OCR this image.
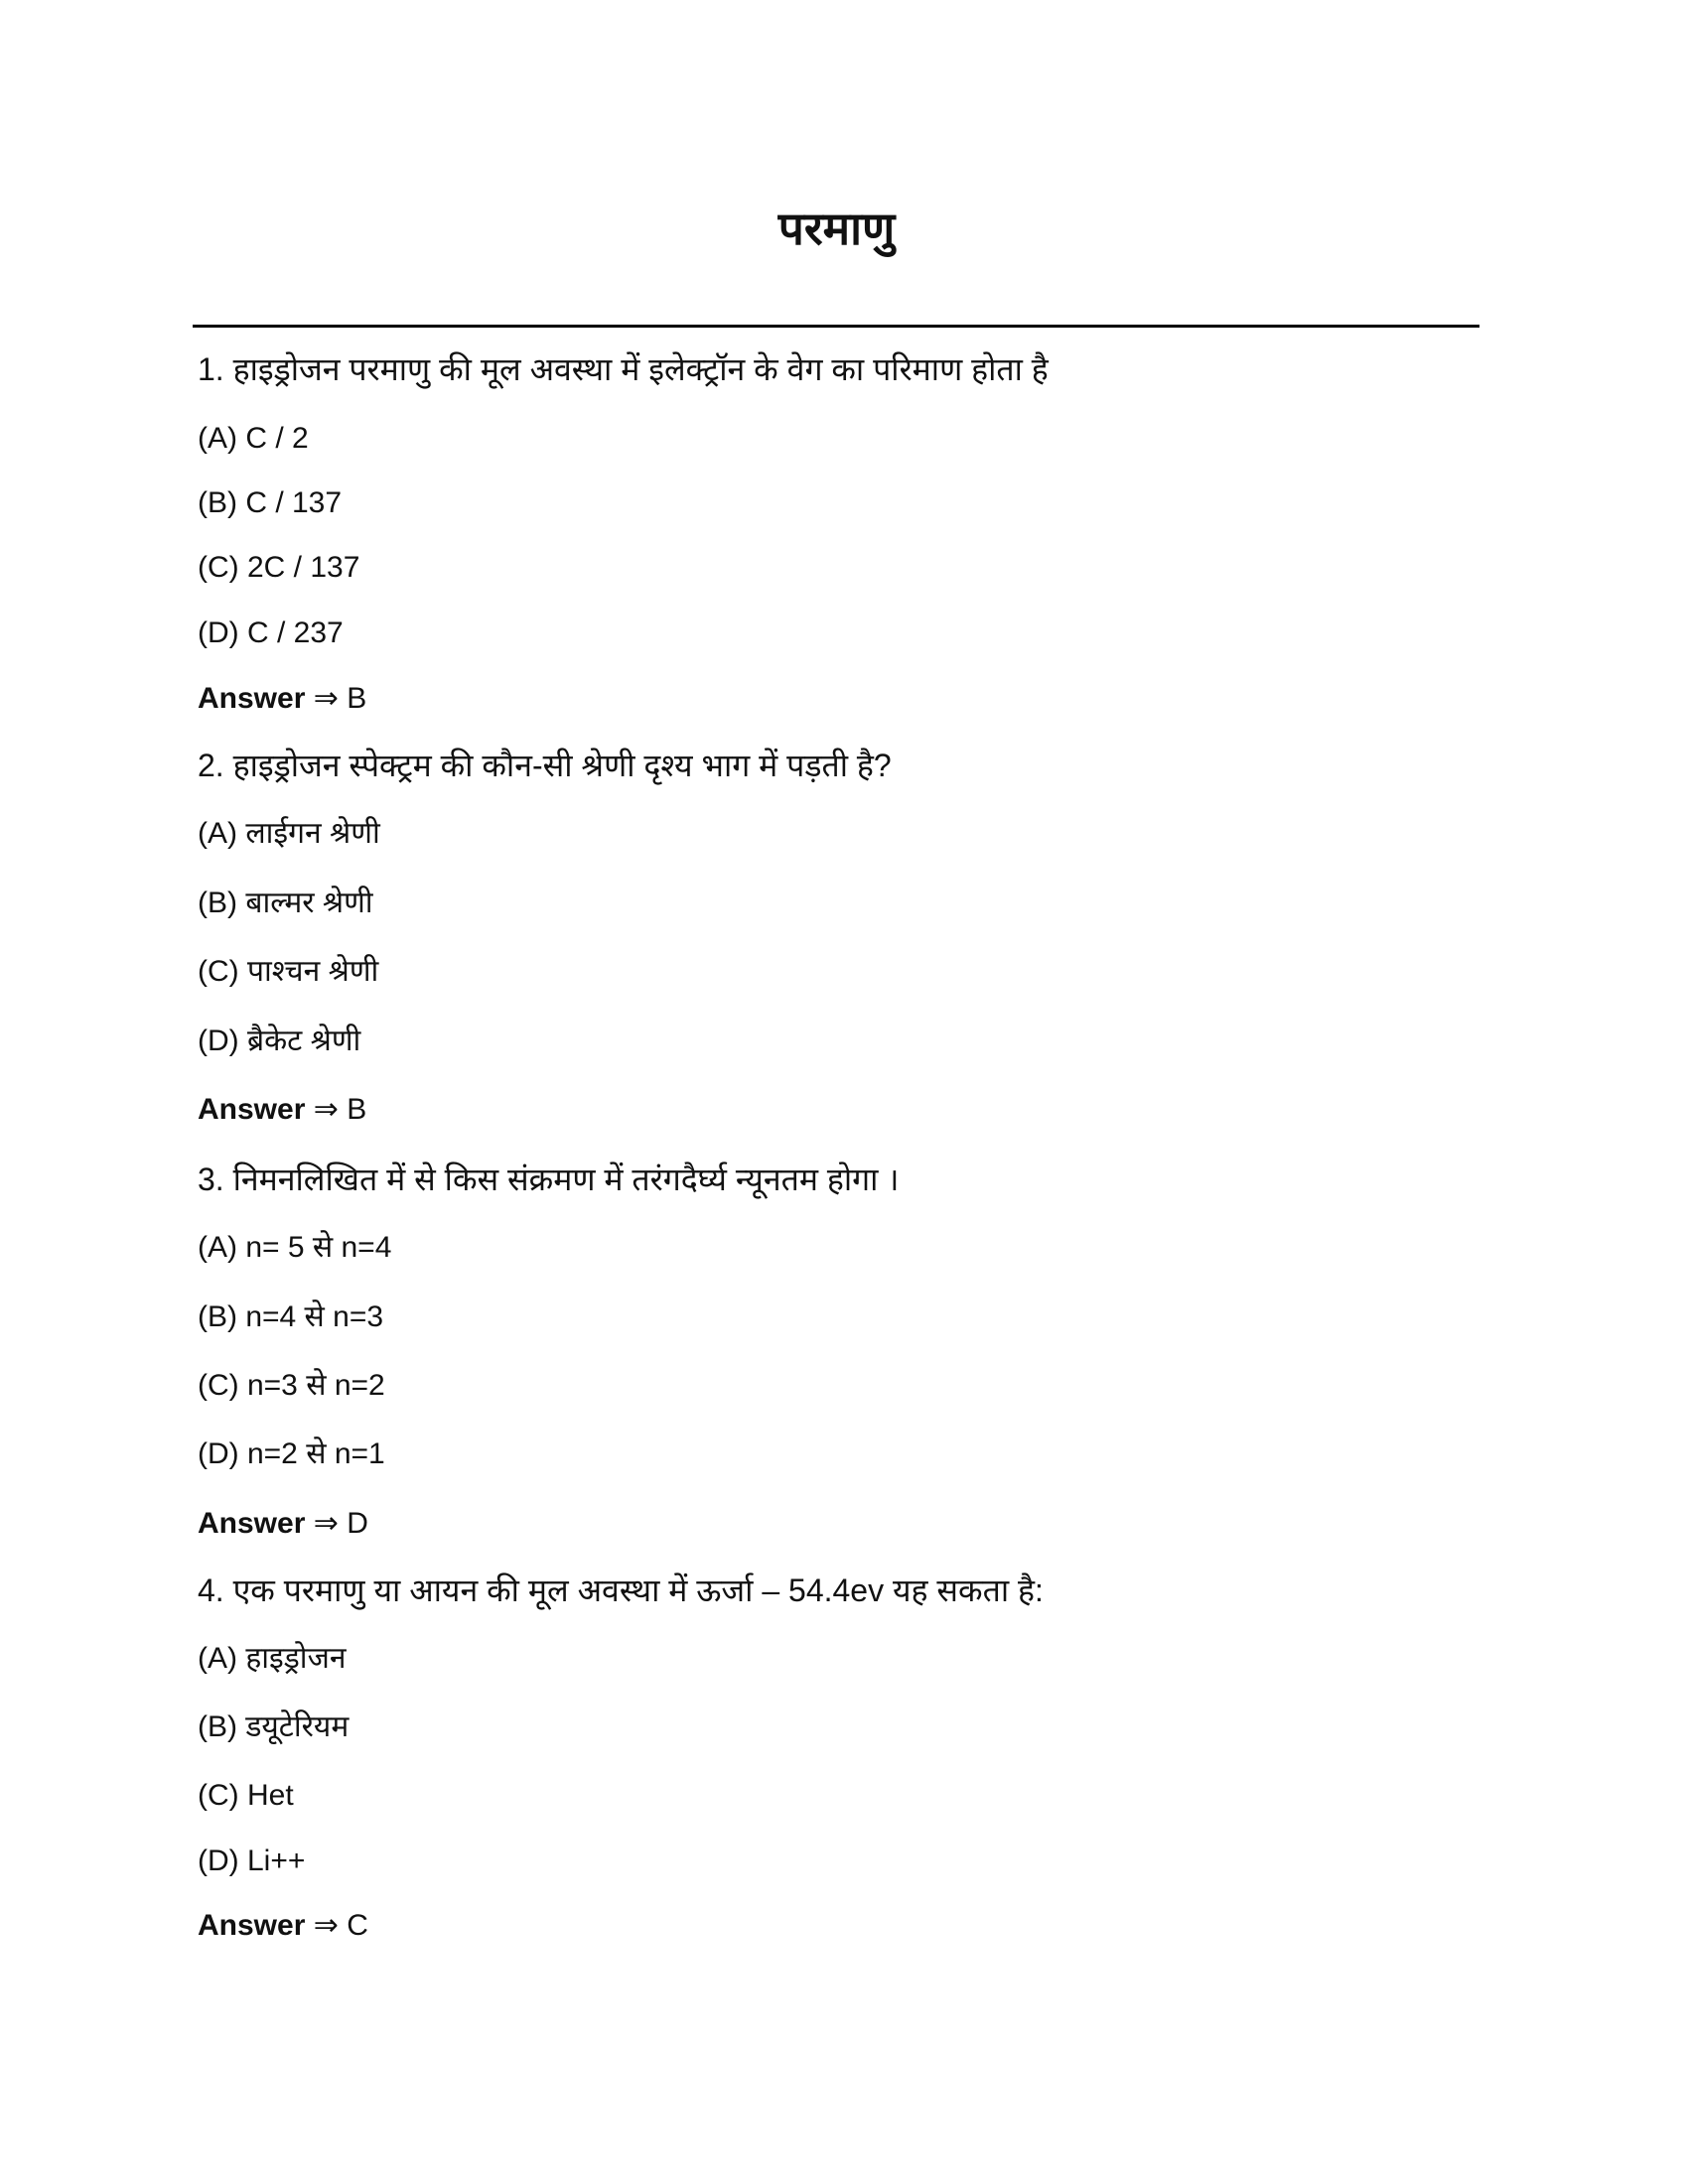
परमाणु
1. हाइड्रोजन परमाणु की मूल अवस्था में इलेक्ट्रॉन के वेग का परिमाण होता है
(A) C / 2
(B) C / 137
(C) 2C / 137
(D) C / 237
Answer ⇒ B
2. हाइड्रोजन स्पेक्ट्रम की कौन-सी श्रेणी दृश्य भाग में पड़ती है?
(A) लाईगन श्रेणी
(B) बाल्मर श्रेणी
(C) पाश्चन श्रेणी
(D) ब्रैकेट श्रेणी
Answer ⇒ B
3. निमनलिखित में से किस संक्रमण में तरंगदैर्घ्य न्यूनतम होगा ।
(A) n= 5 से n=4
(B) n=4 से n=3
(C) n=3 से n=2
(D) n=2 से n=1
Answer ⇒ D
4. एक परमाणु या आयन की मूल अवस्था में ऊर्जा – 54.4ev यह सकता है:
(A) हाइड्रोजन
(B) डयूटेरियम
(C) Het
(D) Li++
Answer ⇒ C
